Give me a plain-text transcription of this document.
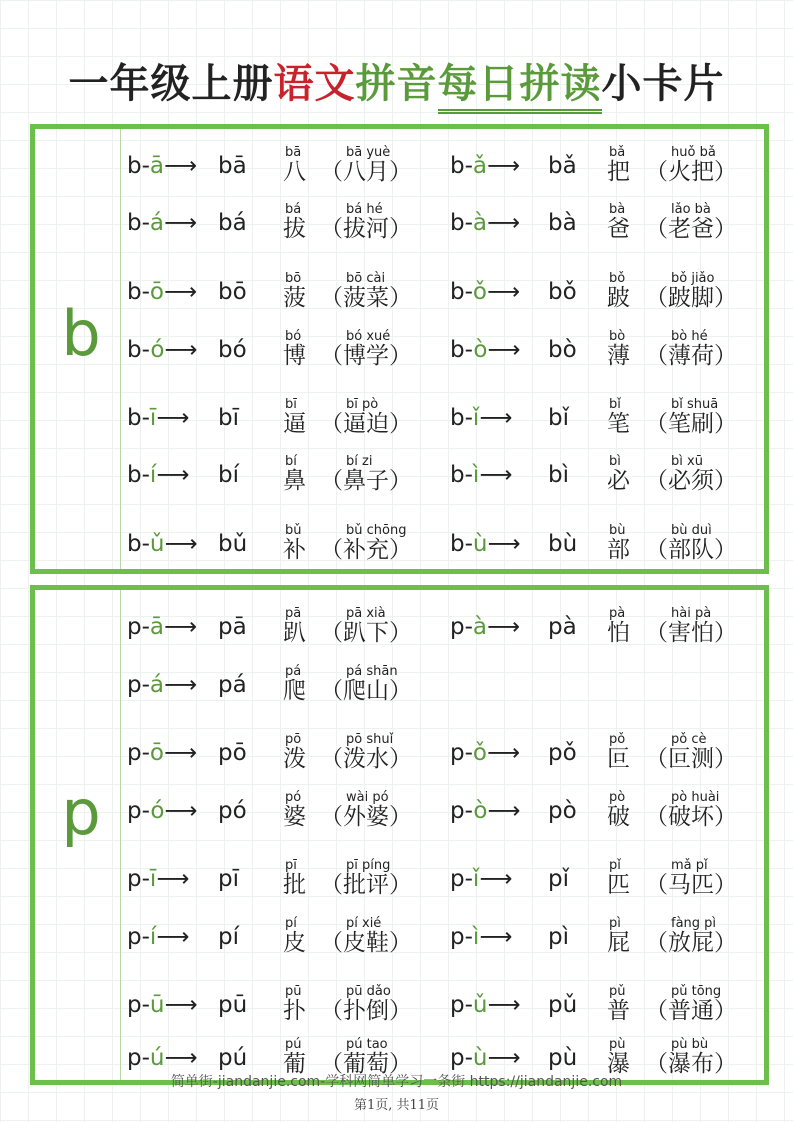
一年级上册语文拼音每日拼读小卡片
b
b-ā⟶ bā
bā
八
bā yuè
（八月） b-ǎ⟶ bǎ
bǎ
把
huǒ bǎ
（火把）
b-á⟶ bá
bá
拔
bá hé
（拔河） b-à⟶ bà
bà
爸
lǎo bà
（老爸）
b-ō⟶ bō
bō
菠
bō cài
（菠菜） b-ǒ⟶ bǒ
bǒ
跛
bǒ jiǎo
（跛脚）
b-ó⟶ bó
bó
博
bó xué
（博学） b-ò⟶ bò
bò
薄
bò hé
（薄荷）
b-ī⟶ bī
bī
逼
bī pò
（逼迫） b-ǐ⟶ bǐ
bǐ
笔
bǐ shuā
（笔刷）
b-í⟶ bí
bí
鼻
bí zi
（鼻子） b-ì⟶ bì
bì
必
bì xū
（必须）
b-ǔ⟶ bǔ
bǔ
补
bǔ chōng
（补充） b-ù⟶ bù
bù
部
bù duì
（部队）
p
p-ā⟶ pā
pā
趴
pā xià
（趴下） p-à⟶ pà
pà
怕
hài pà
（害怕）
p-á⟶ pá
pá
爬
pá shān
（爬山）
p-ō⟶ pō
pō
泼
pō shuǐ
（泼水） p-ǒ⟶ pǒ
pǒ
叵
pǒ cè
（叵测）
p-ó⟶ pó
pó
婆
wài pó
（外婆） p-ò⟶ pò
pò
破
pò huài
（破坏）
p-ī⟶ pī
pī
批
pī píng
（批评） p-ǐ⟶ pǐ
pǐ
匹
mǎ pǐ
（马匹）
p-í⟶ pí
pí
皮
pí xié
（皮鞋） p-ì⟶ pì
pì
屁
fàng pì
（放屁）
p-ū⟶ pū
pū
扑
pū dǎo
（扑倒） p-ǔ⟶ pǔ
pǔ
普
pǔ tōng
（普通）
p-ú⟶ pú
pú
葡
pú tao
（葡萄） p-ù⟶ pù
pù
瀑
pù bù
（瀑布）
简单街-jiandanjie.com-学科网简单学习一条街 https://jiandanjie.com
第1页, 共11页
